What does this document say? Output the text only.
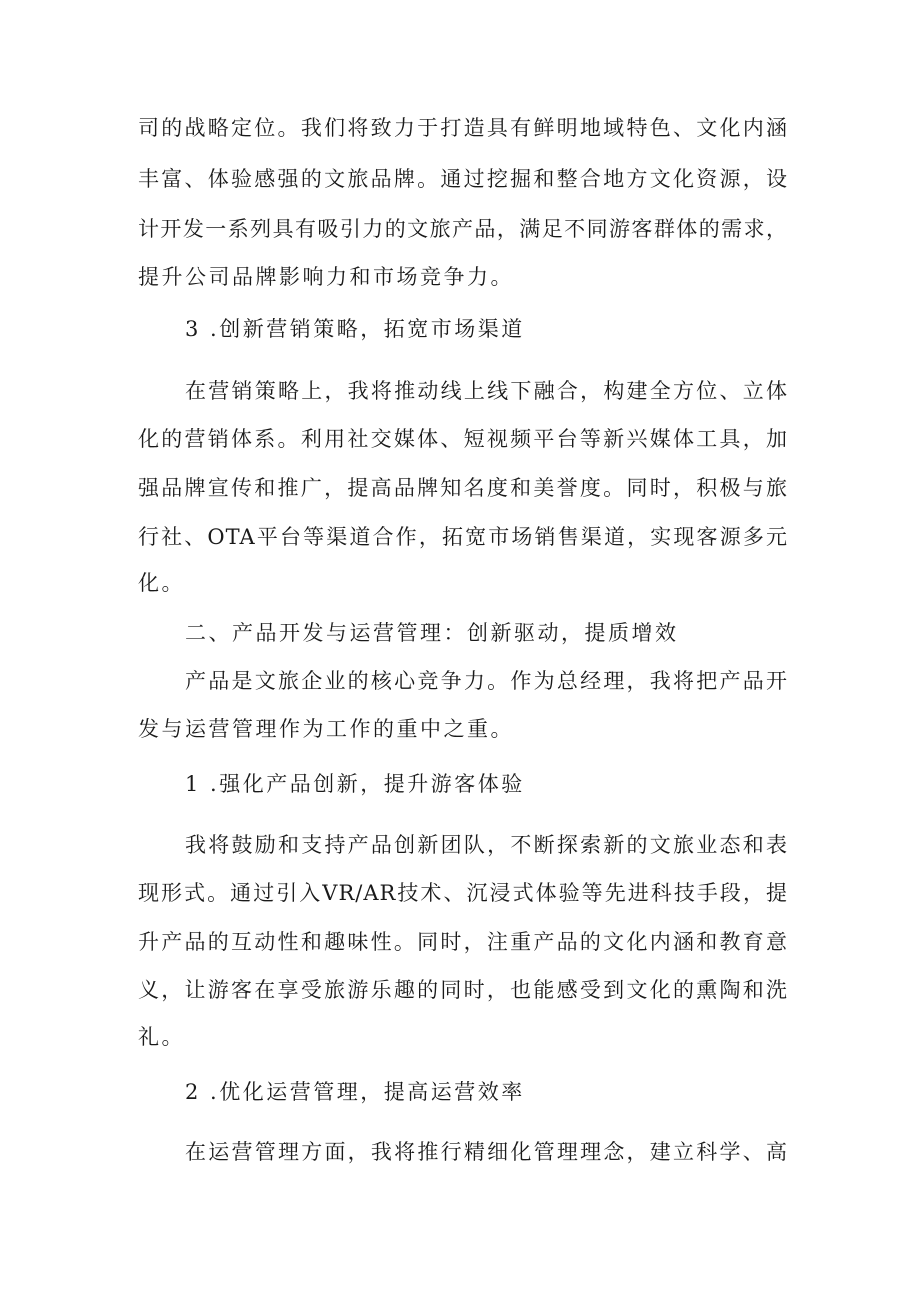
司的战略定位。我们将致力于打造具有鲜明地域特色、文化内涵
丰富、体验感强的文旅品牌。通过挖掘和整合地方文化资源，设
计开发一系列具有吸引力的文旅产品，满足不同游客群体的需求，
提升公司品牌影响力和市场竞争力。
3 .创新营销策略，拓宽市场渠道
在营销策略上，我将推动线上线下融合，构建全方位、立体
化的营销体系。利用社交媒体、短视频平台等新兴媒体工具，加
强品牌宣传和推广，提高品牌知名度和美誉度。同时，积极与旅
行社、OTA平台等渠道合作，拓宽市场销售渠道，实现客源多元
化。
二、产品开发与运营管理：创新驱动，提质增效
产品是文旅企业的核心竞争力。作为总经理，我将把产品开
发与运营管理作为工作的重中之重。
1 .强化产品创新，提升游客体验
我将鼓励和支持产品创新团队，不断探索新的文旅业态和表
现形式。通过引入VR/AR技术、沉浸式体验等先进科技手段，提
升产品的互动性和趣味性。同时，注重产品的文化内涵和教育意
义，让游客在享受旅游乐趣的同时，也能感受到文化的熏陶和洗
礼。
2 .优化运营管理，提高运营效率
在运营管理方面，我将推行精细化管理理念，建立科学、高
